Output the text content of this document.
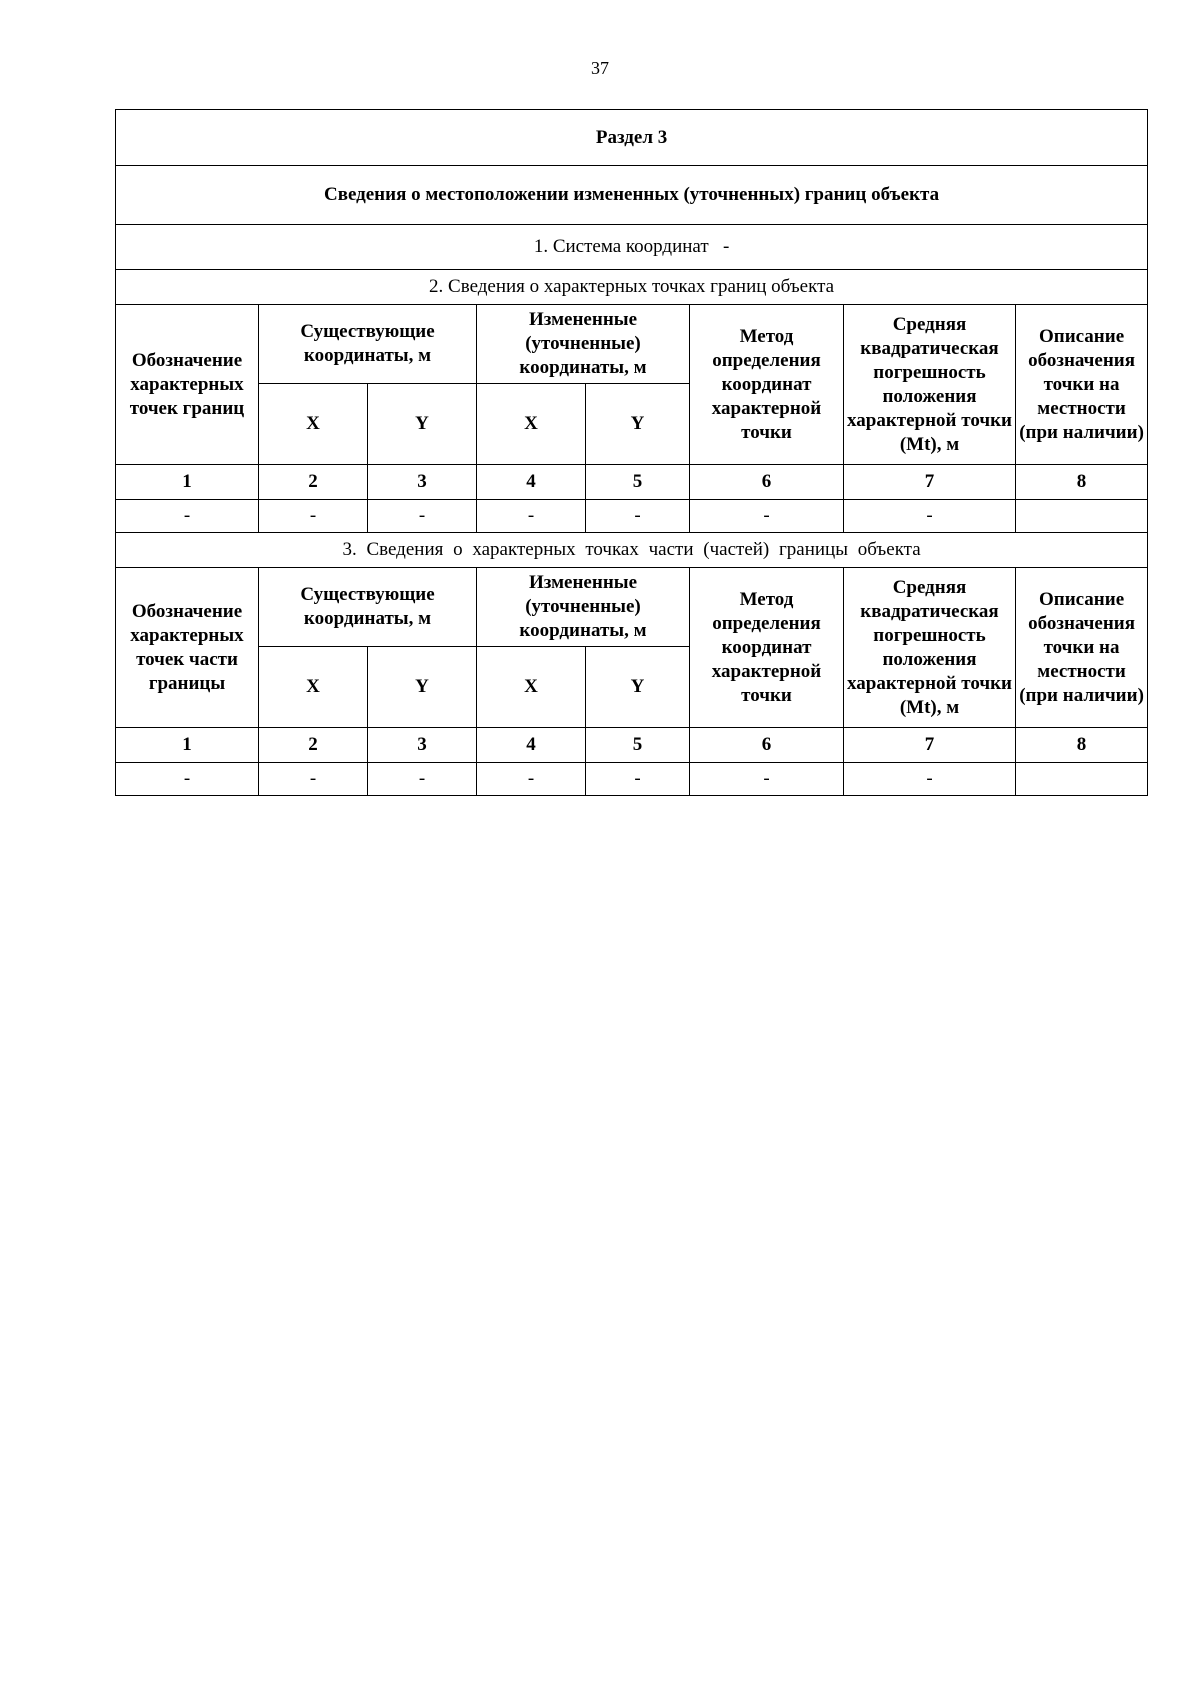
37
Раздел 3							
Сведения о местоположении измененных (уточненных) границ объекта							
1. Система координат -							
2. Сведения о характерных точках границ объекта							
Обозначение характерных точек границ	Существующие координаты, м		Измененные (уточненные) координаты, м		Метод определения координат характерной точки	Средняя квадратическая погрешность положения характерной точки (Mt), м	Описание обозначения точки на местности (при наличии)
	X	Y	X	Y			
1	2	3	4	5	6	7	8
-	-	-	-	-	-	-	
3. Сведения о характерных точках части (частей) границы объекта							
Обозначение характерных точек части границы	Существующие координаты, м		Измененные (уточненные) координаты, м		Метод определения координат характерной точки	Средняя квадратическая погрешность положения характерной точки (Mt), м	Описание обозначения точки на местности (при наличии)
	X	Y	X	Y			
1	2	3	4	5	6	7	8
-	-	-	-	-	-	-	
